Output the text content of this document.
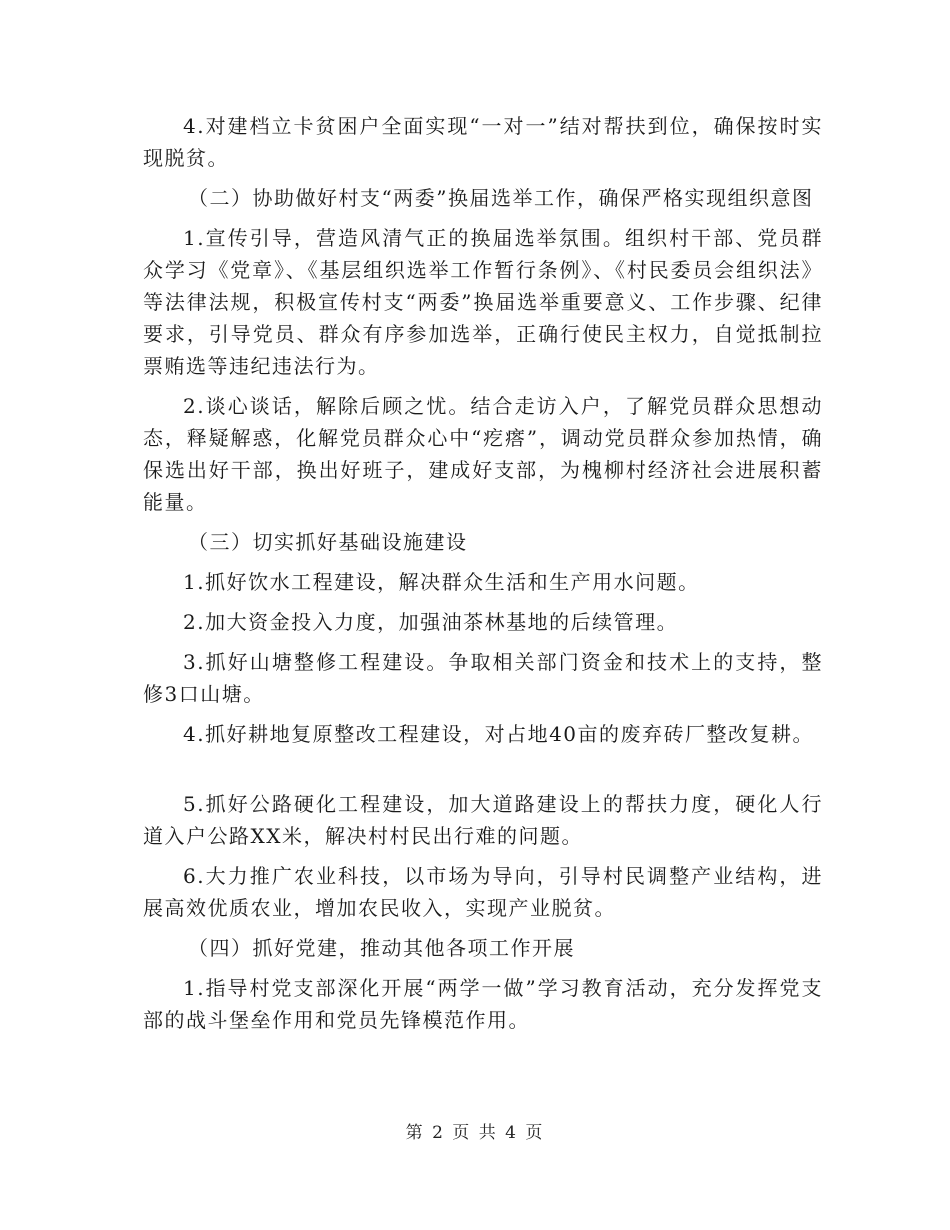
4.对建档立卡贫困户全面实现“一对一”结对帮扶到位，确保按时实现脱贫。

（二）协助做好村支“两委”换届选举工作，确保严格实现组织意图

1.宣传引导，营造风清气正的换届选举氛围。组织村干部、党员群众学习《党章》、《基层组织选举工作暂行条例》、《村民委员会组织法》等法律法规，积极宣传村支“两委”换届选举重要意义、工作步骤、纪律要求，引导党员、群众有序参加选举，正确行使民主权力，自觉抵制拉票贿选等违纪违法行为。

2.谈心谈话，解除后顾之忧。结合走访入户，了解党员群众思想动态，释疑解惑，化解党员群众心中“疙瘩”，调动党员群众参加热情，确保选出好干部，换出好班子，建成好支部，为槐柳村经济社会进展积蓄能量。

（三）切实抓好基础设施建设

1.抓好饮水工程建设，解决群众生活和生产用水问题。

2.加大资金投入力度，加强油茶林基地的后续管理。

3.抓好山塘整修工程建设。争取相关部门资金和技术上的支持，整修3口山塘。

4.抓好耕地复原整改工程建设，对占地40亩的废弃砖厂整改复耕。

5.抓好公路硬化工程建设，加大道路建设上的帮扶力度，硬化人行道入户公路XX米，解决村村民出行难的问题。

6.大力推广农业科技，以市场为导向，引导村民调整产业结构，进展高效优质农业，增加农民收入，实现产业脱贫。

（四）抓好党建，推动其他各项工作开展

1.指导村党支部深化开展“两学一做”学习教育活动，充分发挥党支部的战斗堡垒作用和党员先锋模范作用。

第 2 页 共 4 页
